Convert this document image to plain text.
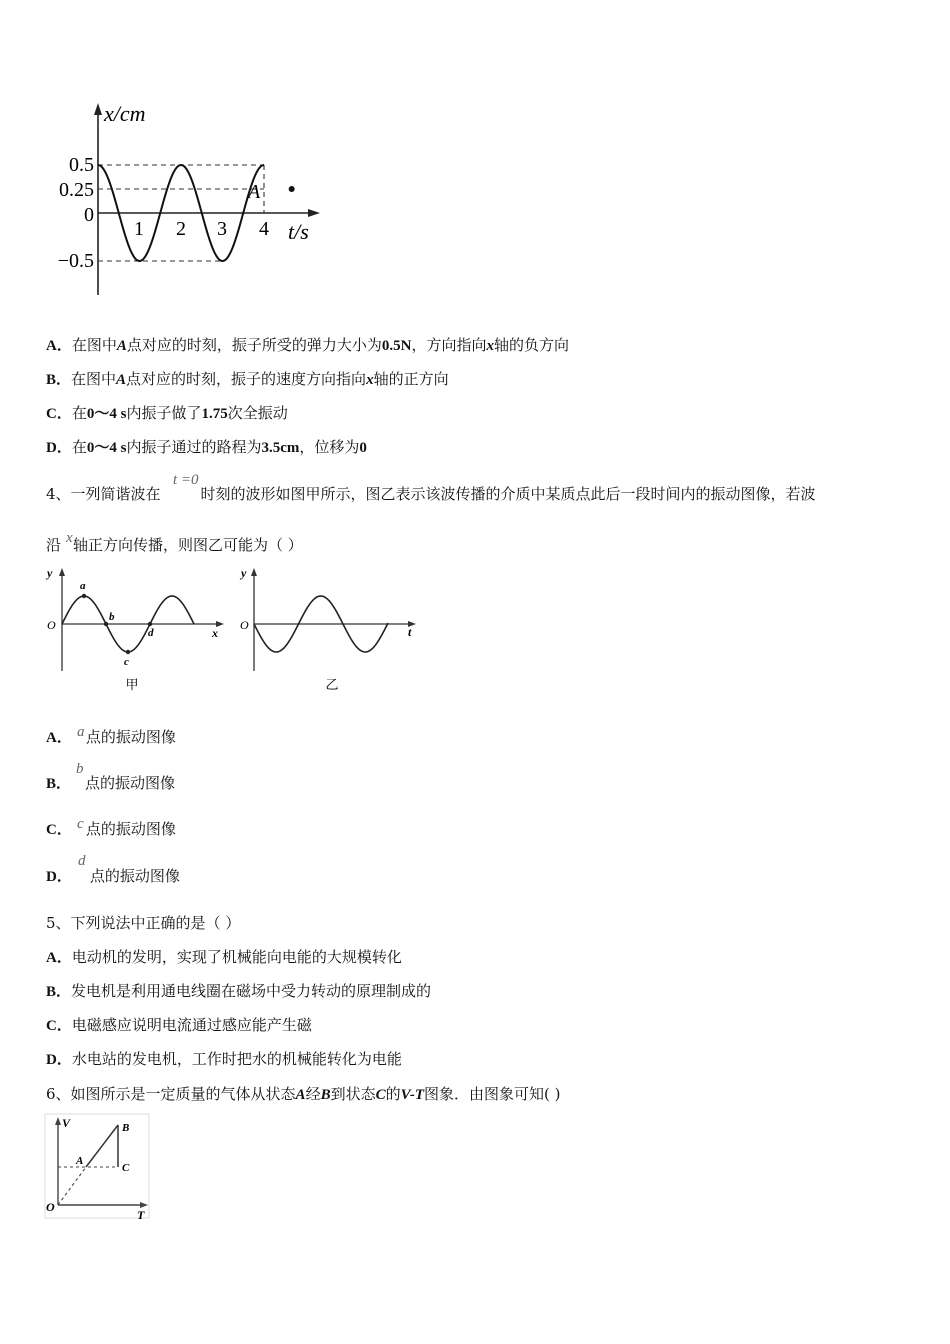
x/cm
t/s
0.5
0.25
0
−0.5
1 2 3 4
A
A．在图中A点对应的时刻，振子所受的弹力大小为0.5N，方向指向x轴的负方向
B．在图中A点对应的时刻，振子的速度方向指向x轴的正方向
C．在0～4 s内振子做了1.75次全振动
D．在0～4 s内振子通过的路程为3.5cm，位移为0
t =0
4、一列简谐波在	时刻的波形如图甲所示，图乙表示该波传播的介质中某质点此后一段时间内的振动图像，若波
x
沿 轴正方向传播，则图乙可能为（ ）
y
O
x
a
b
c
d
甲
y
O	t
乙
a
A． 点的振动图像
b
B． 点的振动图像
c
C． 点的振动图像
d
D． 点的振动图像
5、下列说法中正确的是（ ）
A．电动机的发明，实现了机械能向电能的大规模转化
B．发电机是利用通电线圈在磁场中受力转动的原理制成的
C．电磁感应说明电流通过感应能产生磁
D．水电站的发电机，工作时把水的机械能转化为电能
6、如图所示是一定质量的气体从状态A经B到状态C的V-T图象．由图象可知( )
V
T
O
A
B
C
